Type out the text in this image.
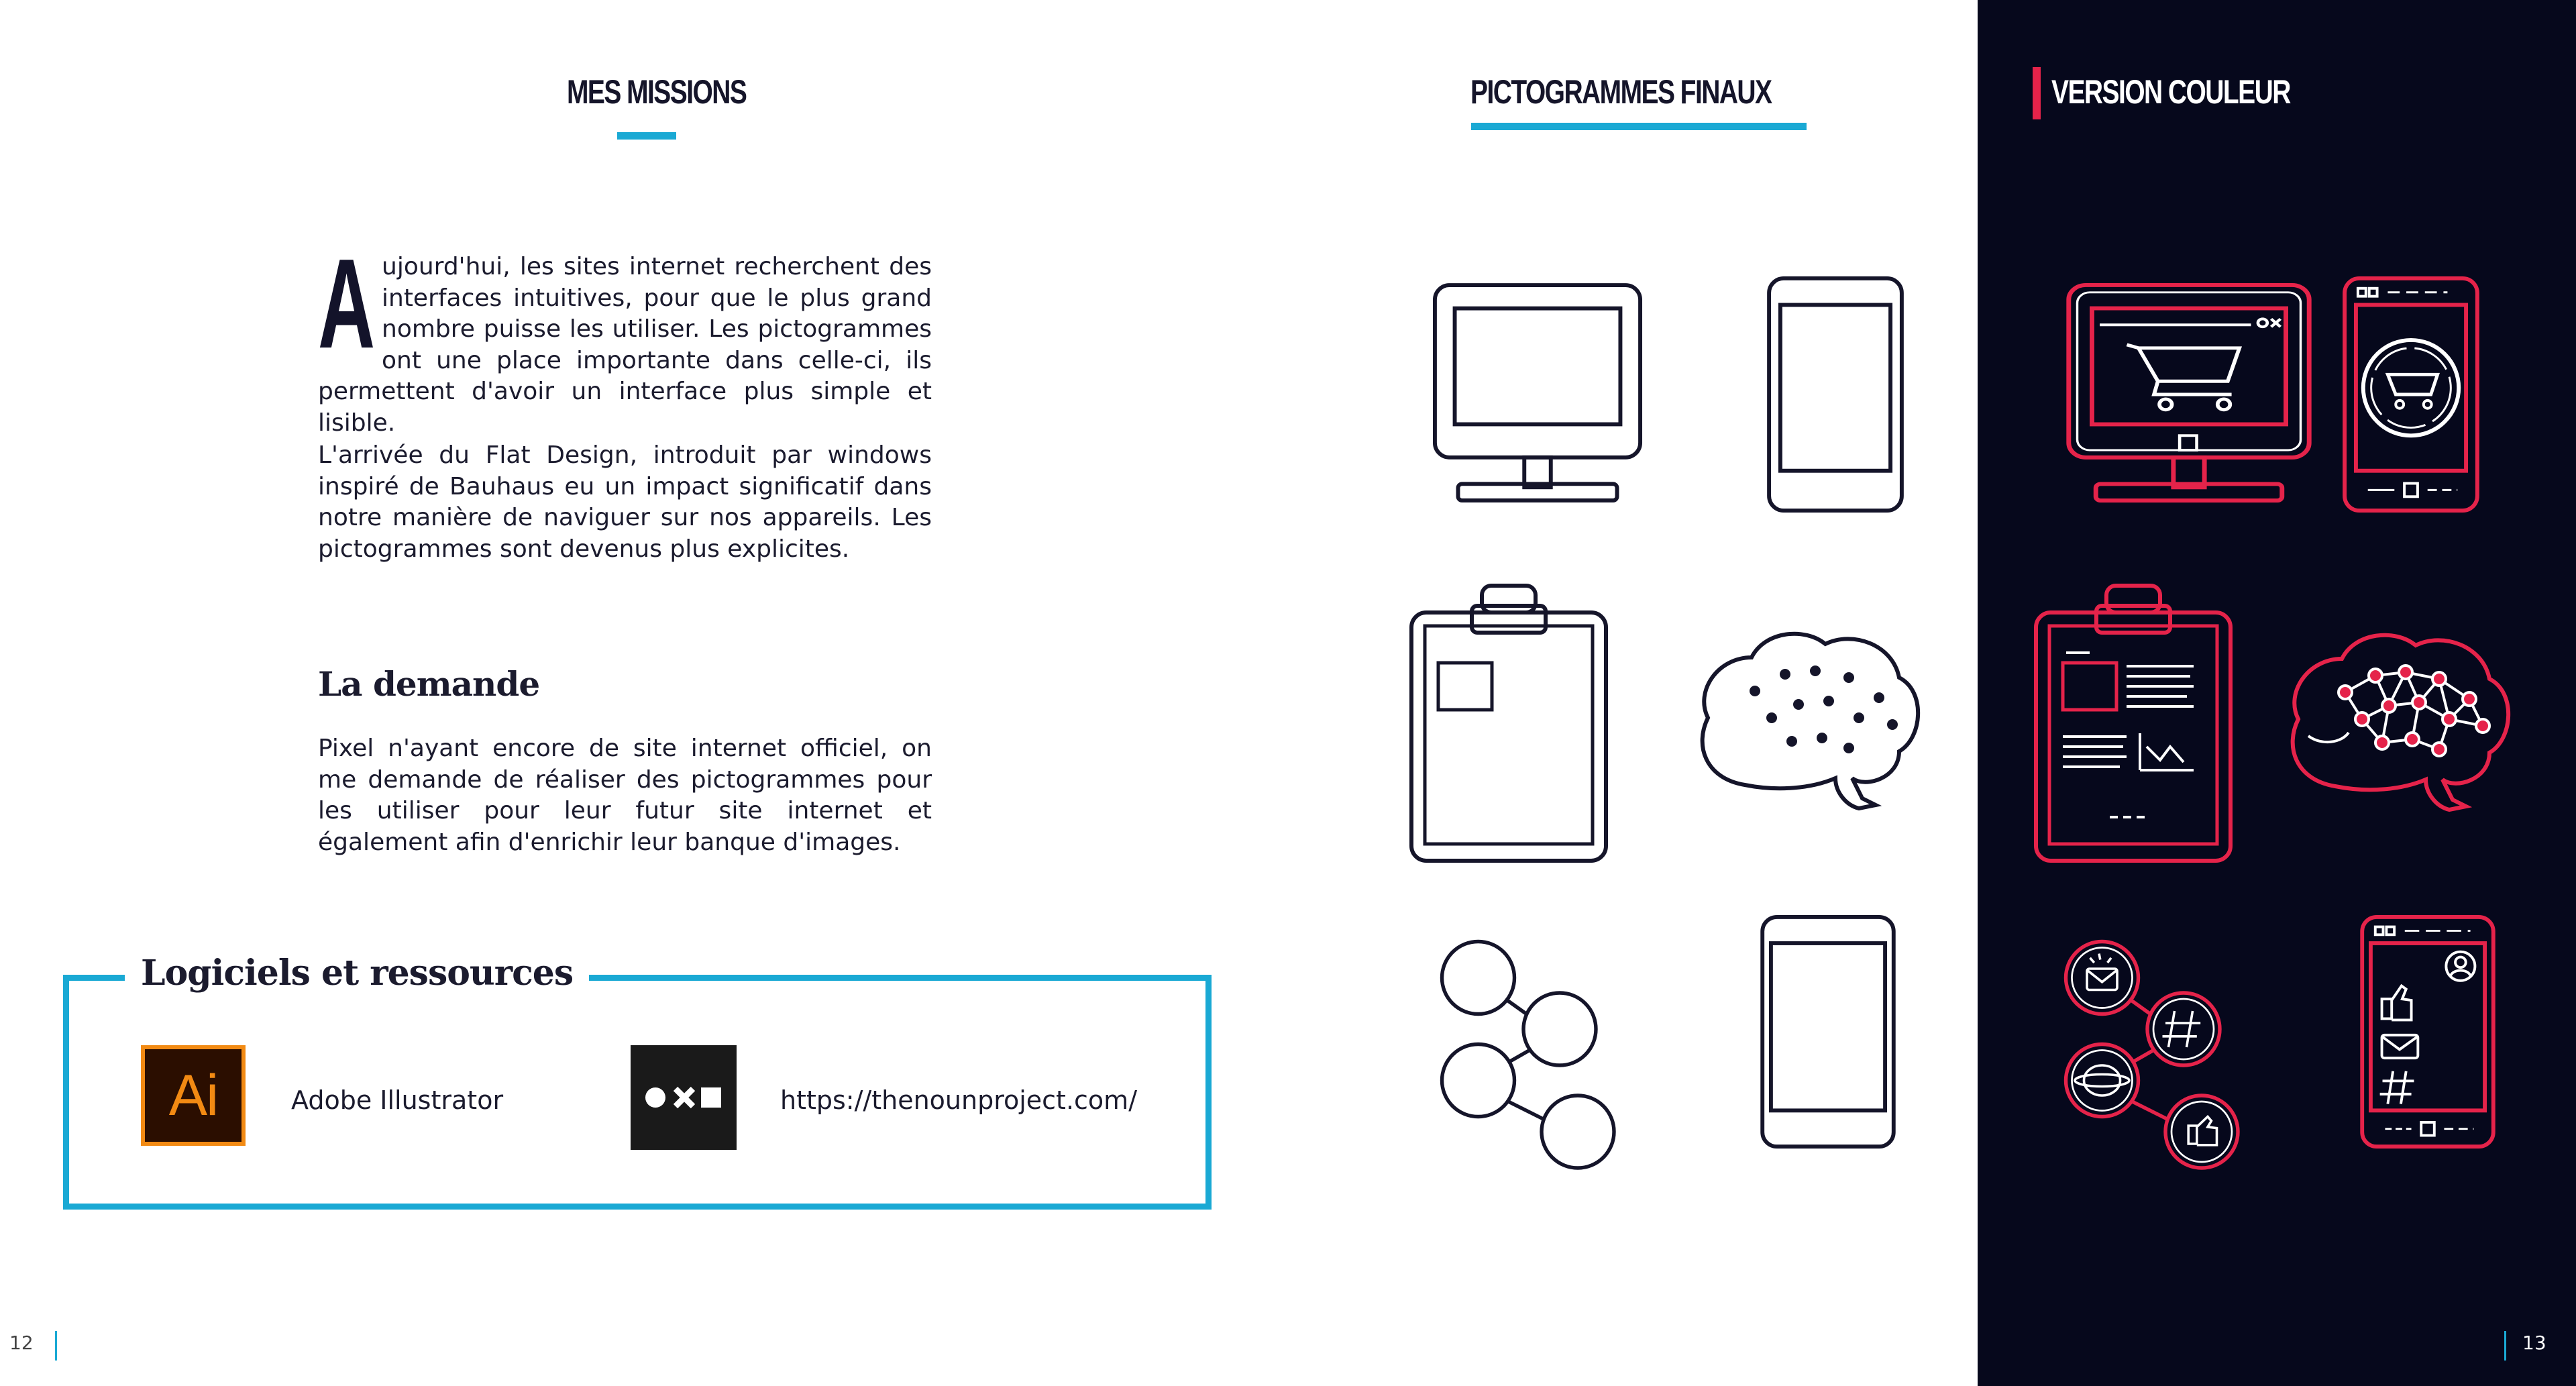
MES MISSIONS
Aujourd'hui, les sites internet recherchent des interfaces intuitives, pour que le plus grand nombre puisse les utiliser. Les pictogrammes ont une place importante dans celle-ci, ils permettent d'avoir un interface plus simple et lisible.
L'arrivée du Flat Design, introduit par windows inspiré de Bauhaus eu un impact significatif dans notre manière de naviguer sur nos appareils. Les pictogrammes sont devenus plus explicites.
La demande
Pixel n'ayant encore de site internet officiel, on me demande de réaliser des pictogrammes pour les utiliser pour leur futur site internet et également afin d'enrichir leur banque d'images.
Logiciels et ressources
Ai	Adobe Illustrator	https://thenounproject.com/
12
PICTOGRAMMES FINAUX	VERSION COULEUR
13
